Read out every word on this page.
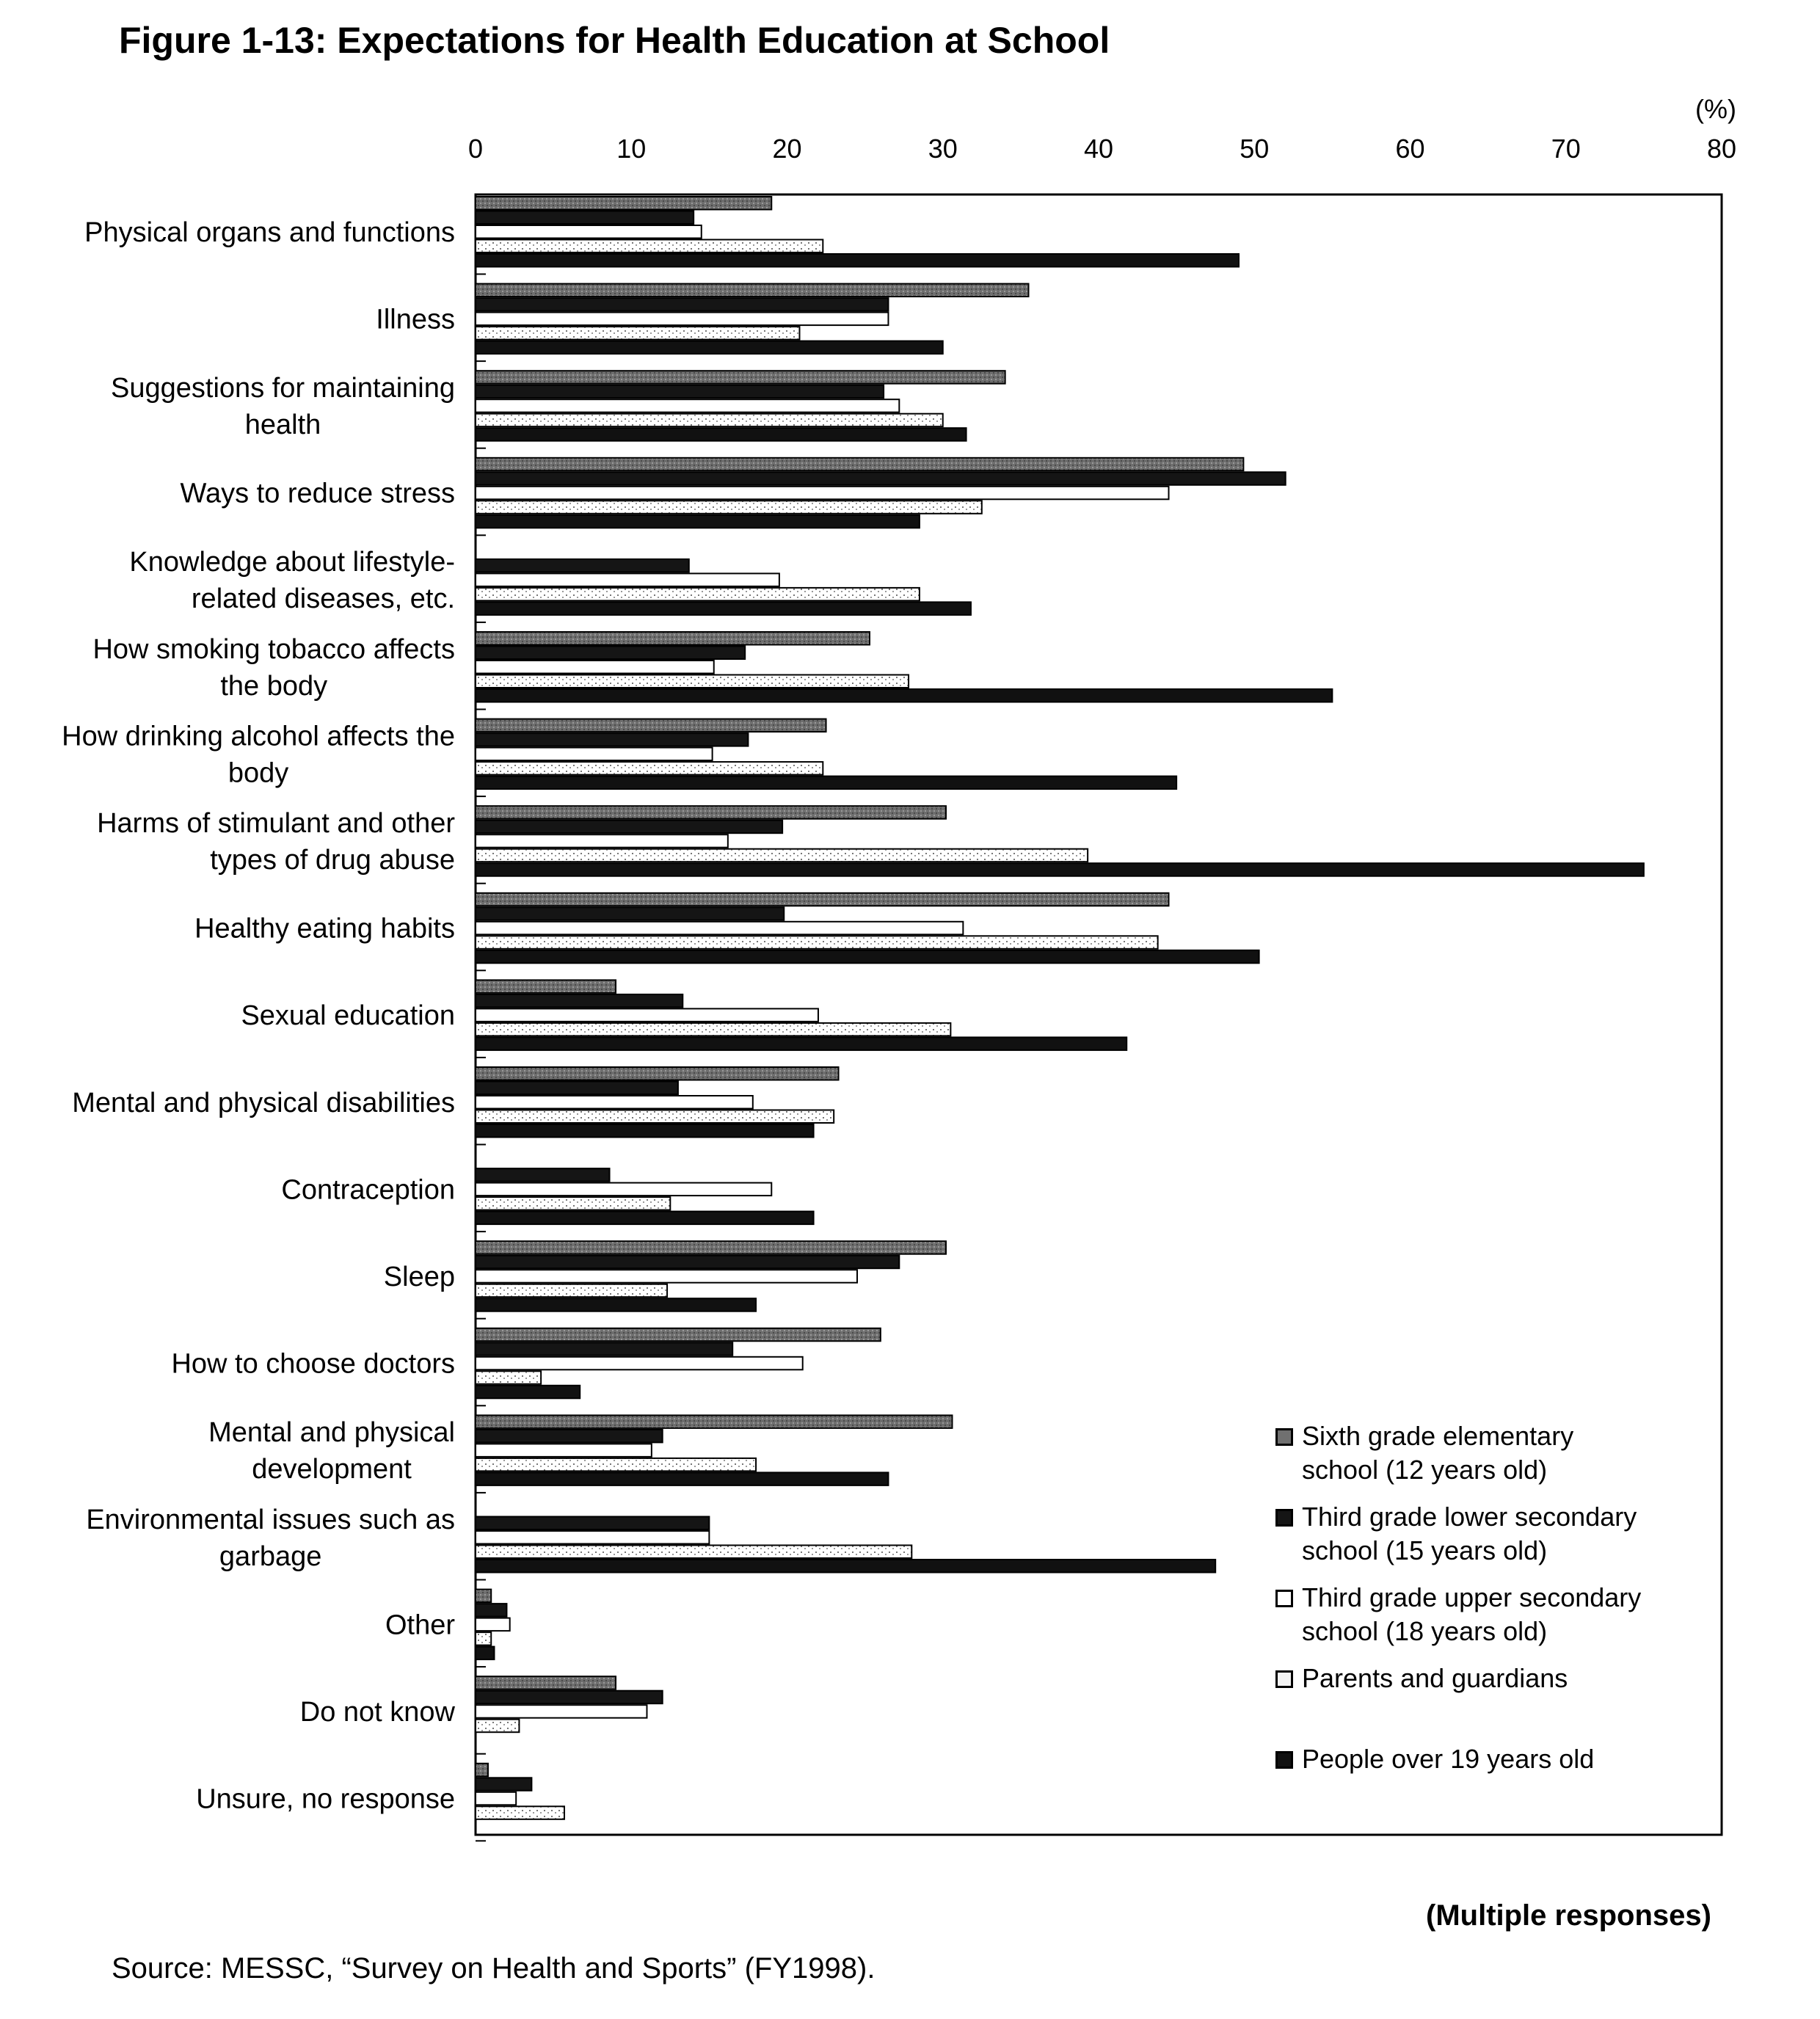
Figure 1-13: Expectations for Health Education at School
(%)
0	10	20	30	40	50	60	70	80
Physical organs and functions
Illness
Suggestions for maintaining
health
Ways to reduce stress
Knowledge about lifestyle-
related diseases, etc.
How smoking tobacco affects
the body
How drinking alcohol affects the
body
Harms of stimulant and other
types of drug abuse
Healthy eating habits
Sexual education
Mental and physical disabilities
Contraception
Sleep
How to choose doctors
Mental and physical
development
Environmental issues such as
garbage
Other
Do not know
Unsure, no response
Sixth grade elementary
school (12 years old)
Third grade lower secondary
school (15 years old)
Third grade upper secondary
school (18 years old)
Parents and guardians
People over 19 years old
(Multiple responses)
Source: MESSC, “Survey on Health and Sports” (FY1998).
